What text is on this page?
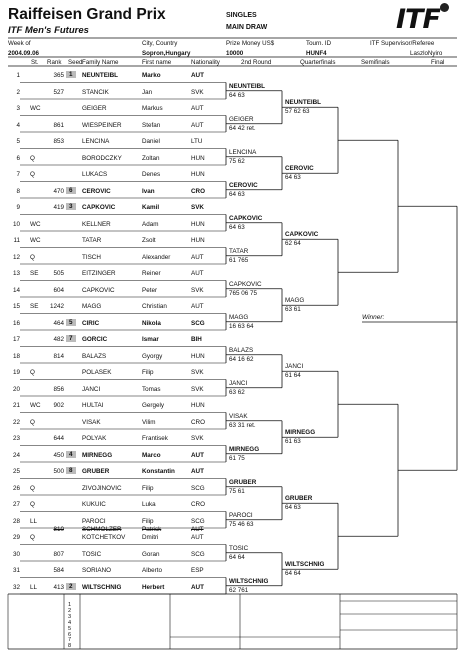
ITF
Raiffeisen Grand Prix
ITF Men's Futures
Week of
2004.09.06
City, Country
Sopron,Hungary
SINGLES
MAIN DRAW
Prize Money US$
10000
Tourn. ID
HUNF4
ITF Supervisor/Referee
LaszloNyiro
St. Rank Seed Family Name	First name	Nationality	2nd Round	Quarterfinals	Semifinals	Final
1	365 1	NEUNTEIBL	Marko	AUT
2	527	STANCIK	Jan	SVK
3 WC	GEIGER	Markus	AUT
4	861	WIESPEINER	Stefan	AUT
5	853	LENCINA	Daniel	LTU
6 Q	BORODCZKY	Zoltan	HUN
7 Q	LUKACS	Denes	HUN
8	470 6	CEROVIC	Ivan	CRO
9	419 3	CAPKOVIC	Kamil	SVK
10 WC	KELLNER	Adam	HUN
11 WC	TATAR	Zsolt	HUN
12 Q	TISCH	Alexander	AUT
13 SE	505	EITZINGER	Reiner	AUT
14	604	CAPKOVIC	Peter	SVK
15 SE	1242	MAGG	Christian	AUT
16	464 5	CIRIC	Nikola	SCG
17	482 7	GORCIC	Ismar	BIH
18	814	BALAZS	Gyorgy	HUN
19 Q	POLASEK	Filip	SVK
20	856	JANCI	Tomas	SVK
21 WC	902	HULTAI	Gergely	HUN
22 Q	VISAK	Vilim	CRO
23	644	POLYAK	Frantisek	SVK
24	450 4	MIRNEGG	Marco	AUT
25	500 8	GRUBER	Konstantin	AUT
26 Q	ZIVOJINOVIC	Filip	SCG
27 Q	KUKUIC	Luka	CRO
28 LL	PAROCI	Filip	SCG
810	SCHMOLZER	Patrick	AUT
29 Q	KOTCHETKOV	Dmitri	AUT
30	807	TOSIC	Goran	SCG
31	584	SORIANO	Alberto	ESP
32 LL	413 2	WILTSCHNIG	Herbert	AUT
NEUNTEIBL
64 63
GEIGER
64 42 ret.
LENCINA
75 62
CEROVIC
64 63
CAPKOVIC
64 63
TATAR
61 765
CAPKOVIC
765 06 75
MAGG
16 63 64
BALAZS
64 16 62
JANCI
63 62
VISAK
63 31 ret.
MIRNEGG
61 75
GRUBER
75 61
PAROCI
75 46 63
TOSIC
64 64
WILTSCHNIG
62 761
NEUNTEIBL
57 62 63
CEROVIC
64 63
CAPKOVIC
62 64
MAGG
63 61
JANCI
61 64
MIRNEGG
61 63
GRUBER
64 63
WILTSCHNIG
64 64
Winner:
1
2
3
4
5
6
7
8
